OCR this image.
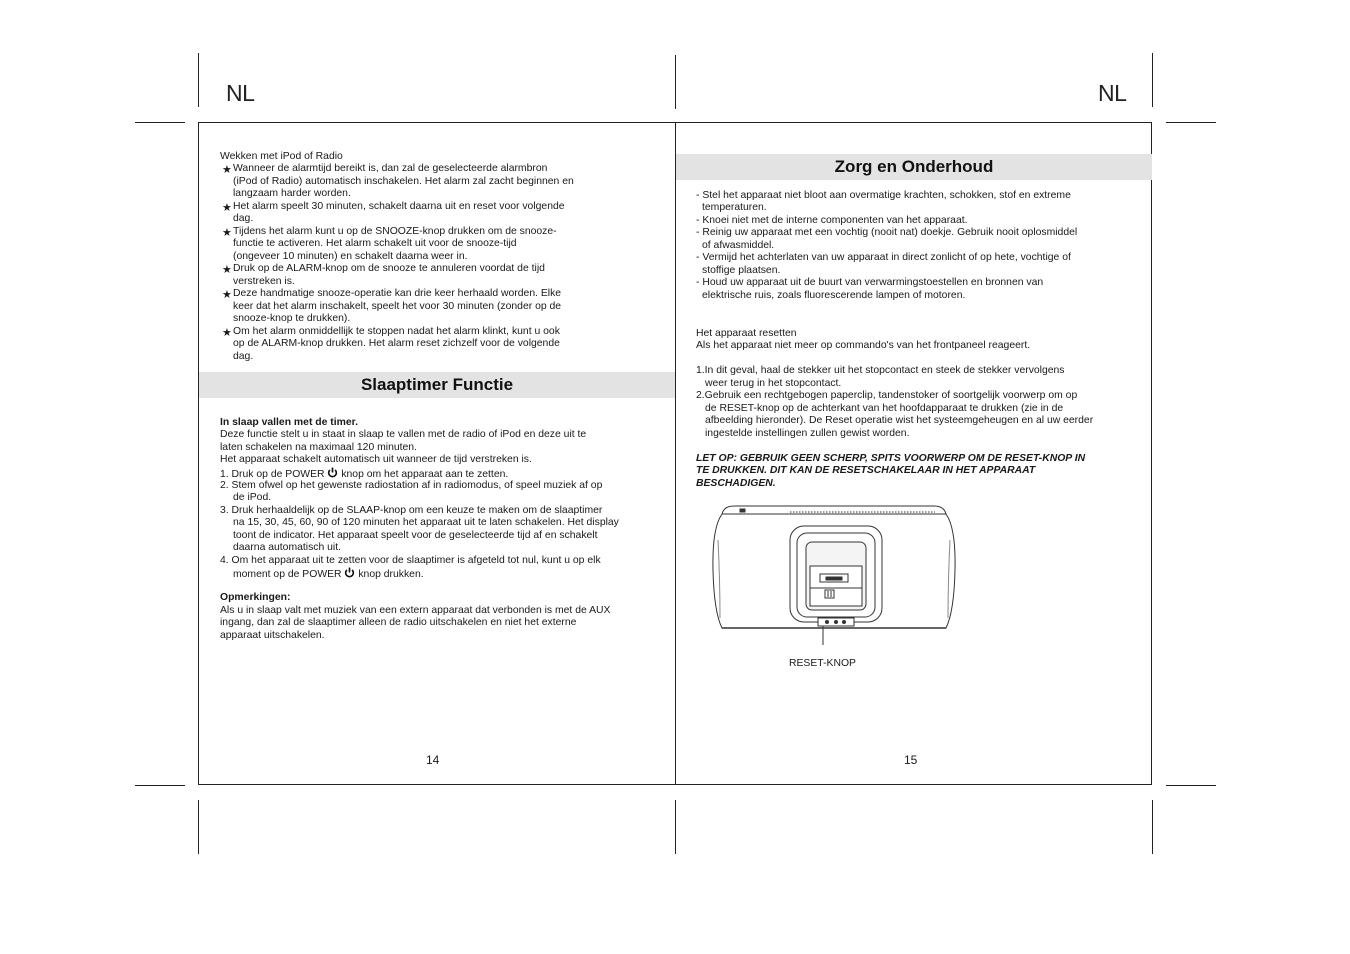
NL	NL
Wekken met iPod of Radio
★ Wanneer de alarmtijd bereikt is, dan zal de geselecteerde alarmbron
(iPod of Radio) automatisch inschakelen. Het alarm zal zacht beginnen en
langzaam harder worden.
★ Het alarm speelt 30 minuten, schakelt daarna uit en reset voor volgende
dag.
★ Tijdens het alarm kunt u op de SNOOZE-knop drukken om de snooze-
functie te activeren. Het alarm schakelt uit voor de snooze-tijd
(ongeveer 10 minuten) en schakelt daarna weer in.
★ Druk op de ALARM-knop om de snooze te annuleren voordat de tijd
verstreken is.
★ Deze handmatige snooze-operatie kan drie keer herhaald worden. Elke
keer dat het alarm inschakelt, speelt het voor 30 minuten (zonder op de
snooze-knop te drukken).
★ Om het alarm onmiddellijk te stoppen nadat het alarm klinkt, kunt u ook
op de ALARM-knop drukken. Het alarm reset zichzelf voor de volgende
dag.
Slaaptimer Functie
In slaap vallen met de timer.
Deze functie stelt u in staat in slaap te vallen met de radio of iPod en deze uit te
laten schakelen na maximaal 120 minuten.
Het apparaat schakelt automatisch uit wanneer de tijd verstreken is.
1. Druk op de POWER knop om het apparaat aan te zetten.
2. Stem ofwel op het gewenste radiostation af in radiomodus, of speel muziek af op
de iPod.
3. Druk herhaaldelijk op de SLAAP-knop om een keuze te maken om de slaaptimer
na 15, 30, 45, 60, 90 of 120 minuten het apparaat uit te laten schakelen. Het display
toont de indicator. Het apparaat speelt voor de geselecteerde tijd af en schakelt
daarna automatisch uit.
4. Om het apparaat uit te zetten voor de slaaptimer is afgeteld tot nul, kunt u op elk
moment op de POWER knop drukken.
Opmerkingen:
Als u in slaap valt met muziek van een extern apparaat dat verbonden is met de AUX
ingang, dan zal de slaaptimer alleen de radio uitschakelen en niet het externe
apparaat uitschakelen.
14
Zorg en Onderhoud
- Stel het apparaat niet bloot aan overmatige krachten, schokken, stof en extreme
temperaturen.
- Knoei niet met de interne componenten van het apparaat.
- Reinig uw apparaat met een vochtig (nooit nat) doekje. Gebruik nooit oplosmiddel
of afwasmiddel.
- Vermijd het achterlaten van uw apparaat in direct zonlicht of op hete, vochtige of
stoffige plaatsen.
- Houd uw apparaat uit de buurt van verwarmingstoestellen en bronnen van
elektrische ruis, zoals fluorescerende lampen of motoren.
Het apparaat resetten
Als het apparaat niet meer op commando's van het frontpaneel reageert.
1.In dit geval, haal de stekker uit het stopcontact en steek de stekker vervolgens
weer terug in het stopcontact.
2.Gebruik een rechtgebogen paperclip, tandenstoker of soortgelijk voorwerp om op
de RESET-knop op de achterkant van het hoofdapparaat te drukken (zie in de
afbeelding hieronder). De Reset operatie wist het systeemgeheugen en al uw eerder
ingestelde instellingen zullen gewist worden.
LET OP: GEBRUIK GEEN SCHERP, SPITS VOORWERP OM DE RESET-KNOP IN
TE DRUKKEN. DIT KAN DE RESETSCHAKELAAR IN HET APPARAAT
BESCHADIGEN.
RESET-KNOP
15
